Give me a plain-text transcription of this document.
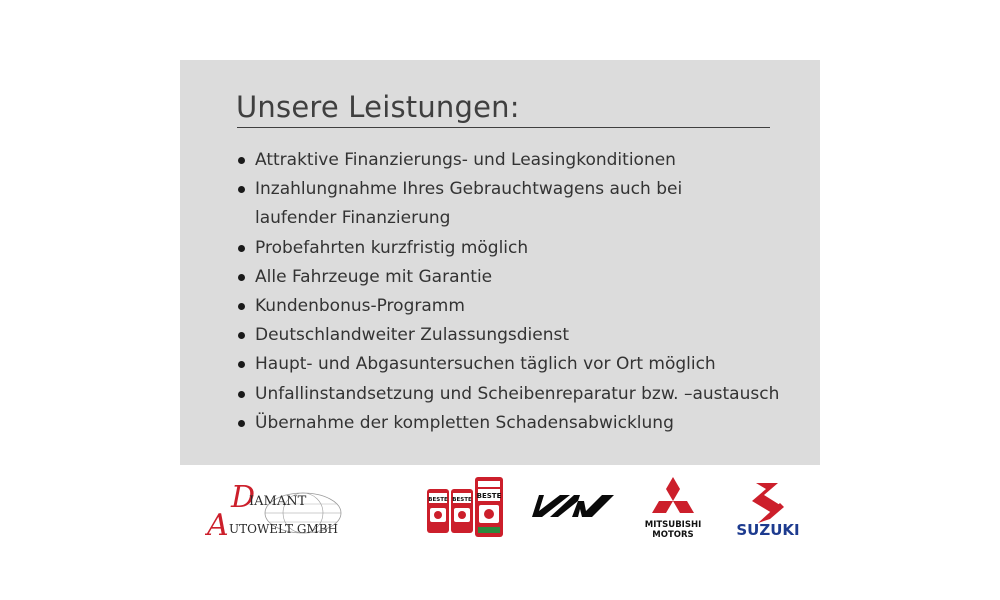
Unsere Leistungen:
Attraktive Finanzierungs- und Leasingkonditionen
Inzahlungnahme Ihres Gebrauchtwagens auch bei
laufender Finanzierung
Probefahrten kurzfristig möglich
Alle Fahrzeuge mit Garantie
Kundenbonus-Programm
Deutschlandweiter Zulassungsdienst
Haupt- und Abgasuntersuchen täglich vor Ort möglich
Unfallinstandsetzung und Scheibenreparatur bzw. –austausch
Übernahme der kompletten Schadensabwicklung
D
IAMANT
A UTOWELT GMBH
BESTE BESTE BESTE
MITSUBISHI
MOTORS	SUZUKI
